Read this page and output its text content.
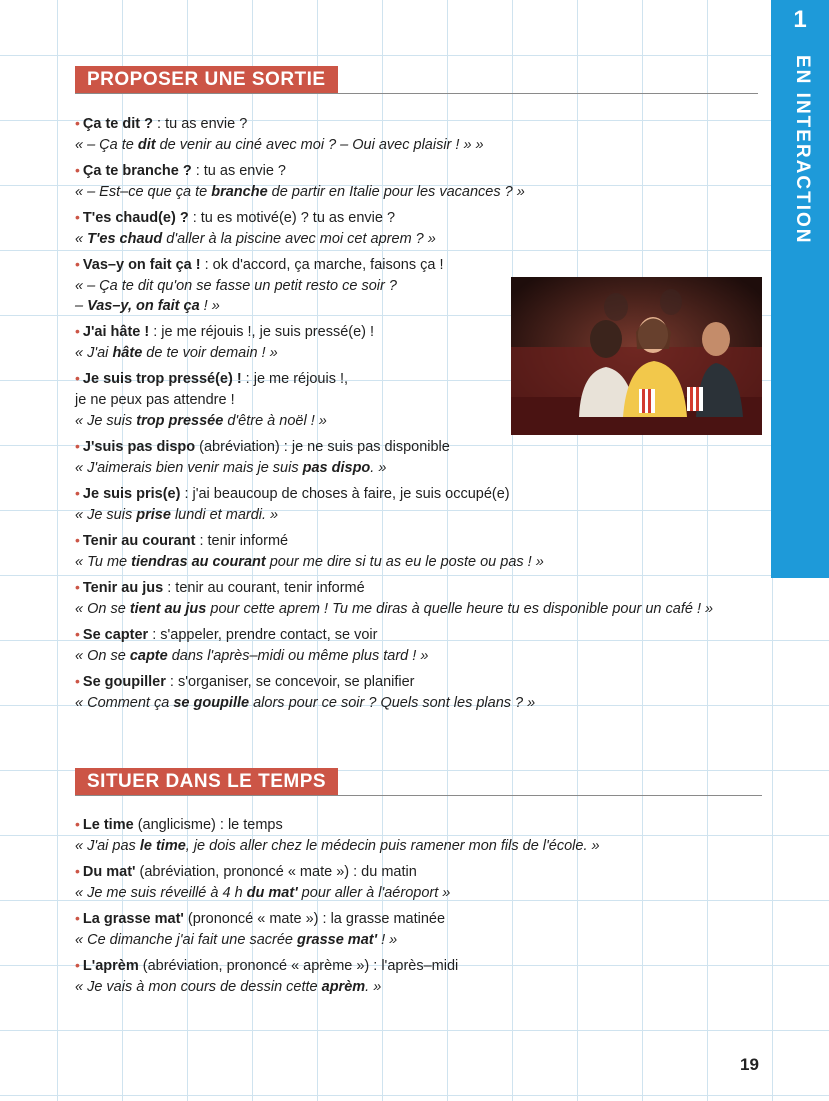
1
EN INTERACTION
PROPOSER UNE SORTIE
• Ça te dit ? : tu as envie ?
« – Ça te dit de venir au ciné avec moi ? – Oui avec plaisir ! » »
• Ça te branche ? : tu as envie ?
« – Est–ce que ça te branche de partir en Italie pour les vacances ? »
• T'es chaud(e) ? : tu es motivé(e) ? tu as envie ?
« T'es chaud d'aller à la piscine avec moi cet aprem ? »
• Vas–y on fait ça ! : ok d'accord, ça marche, faisons ça !
« – Ça te dit qu'on se fasse un petit resto ce soir ?
– Vas–y, on fait ça ! »
• J'ai hâte ! : je me réjouis !, je suis pressé(e) !
« J'ai hâte de te voir demain ! »
• Je suis trop pressé(e) ! : je me réjouis !,
je ne peux pas attendre !
« Je suis trop pressée d'être à noël ! »
• J'suis pas dispo (abréviation) : je ne suis pas disponible
« J'aimerais bien venir mais je suis pas dispo. »
• Je suis pris(e) : j'ai beaucoup de choses à faire, je suis occupé(e)
« Je suis prise lundi et mardi. »
• Tenir au courant : tenir informé
« Tu me tiendras au courant pour me dire si tu as eu le poste ou pas ! »
• Tenir au jus : tenir au courant, tenir informé
« On se tient au jus pour cette aprem ! Tu me diras à quelle heure tu es disponible pour un café ! »
• Se capter : s'appeler, prendre contact, se voir
« On se capte dans l'après–midi ou même plus tard ! »
• Se goupiller : s'organiser, se concevoir, se planifier
« Comment ça se goupille alors pour ce soir ? Quels sont les plans ? »
SITUER DANS LE TEMPS
• Le time (anglicisme) : le temps
« J'ai pas le time, je dois aller chez le médecin puis ramener mon fils de l'école. »
• Du mat' (abréviation, prononcé « mate ») : du matin
« Je me suis réveillé à 4 h du mat' pour aller à l'aéroport »
• La grasse mat' (prononcé « mate ») : la grasse matinée
« Ce dimanche j'ai fait une sacrée grasse mat' ! »
• L'aprèm (abréviation, prononcé « aprème ») : l'après–midi
« Je vais à mon cours de dessin cette aprèm. »
19
